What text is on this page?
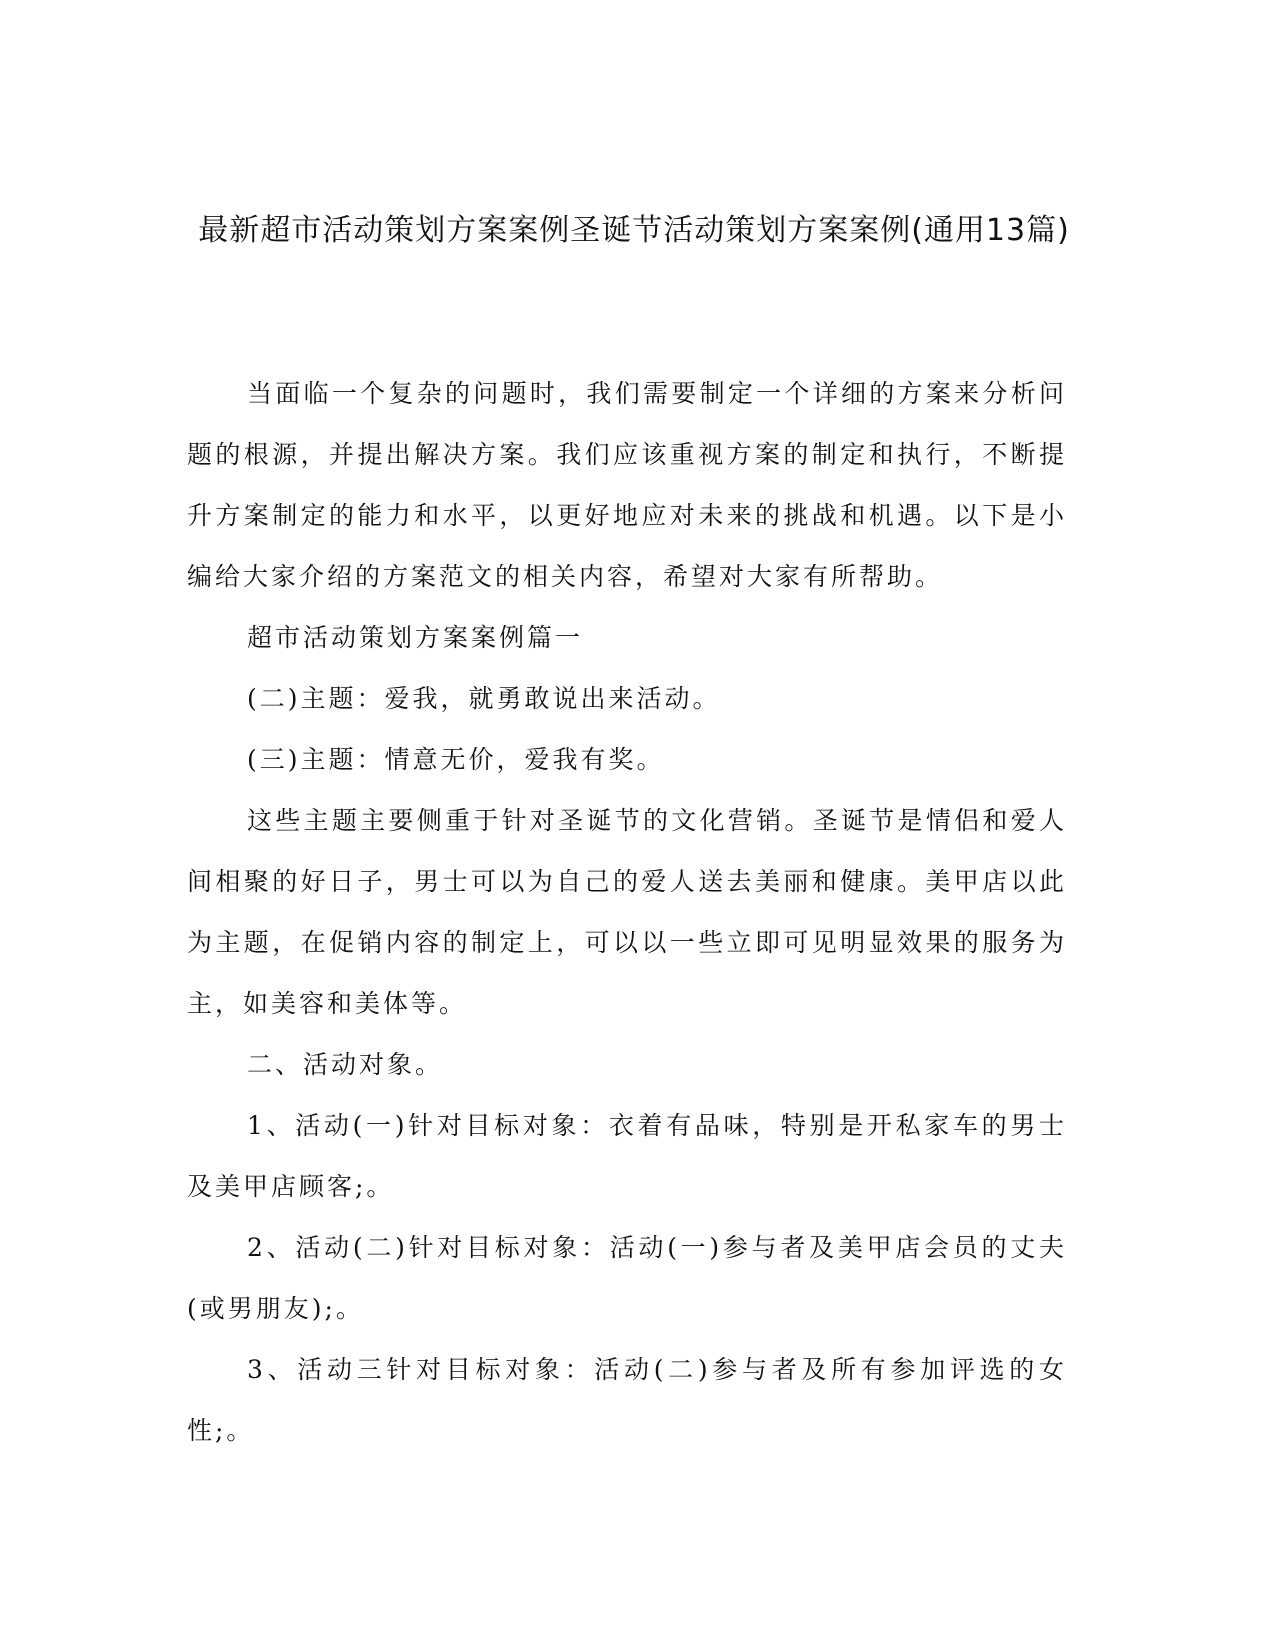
最新超市活动策划方案案例圣诞节活动策划方案案例(通用13篇)

当面临一个复杂的问题时，我们需要制定一个详细的方案来分析问题的根源，并提出解决方案。我们应该重视方案的制定和执行，不断提升方案制定的能力和水平，以更好地应对未来的挑战和机遇。以下是小编给大家介绍的方案范文的相关内容，希望对大家有所帮助。

超市活动策划方案案例篇一

(二)主题：爱我，就勇敢说出来活动。

(三)主题：情意无价，爱我有奖。

这些主题主要侧重于针对圣诞节的文化营销。圣诞节是情侣和爱人间相聚的好日子，男士可以为自己的爱人送去美丽和健康。美甲店以此为主题，在促销内容的制定上，可以以一些立即可见明显效果的服务为主，如美容和美体等。

二、活动对象。

1、活动(一)针对目标对象：衣着有品味，特别是开私家车的男士及美甲店顾客;。

2、活动(二)针对目标对象：活动(一)参与者及美甲店会员的丈夫(或男朋友);。

3、活动三针对目标对象：活动(二)参与者及所有参加评选的女性;。
